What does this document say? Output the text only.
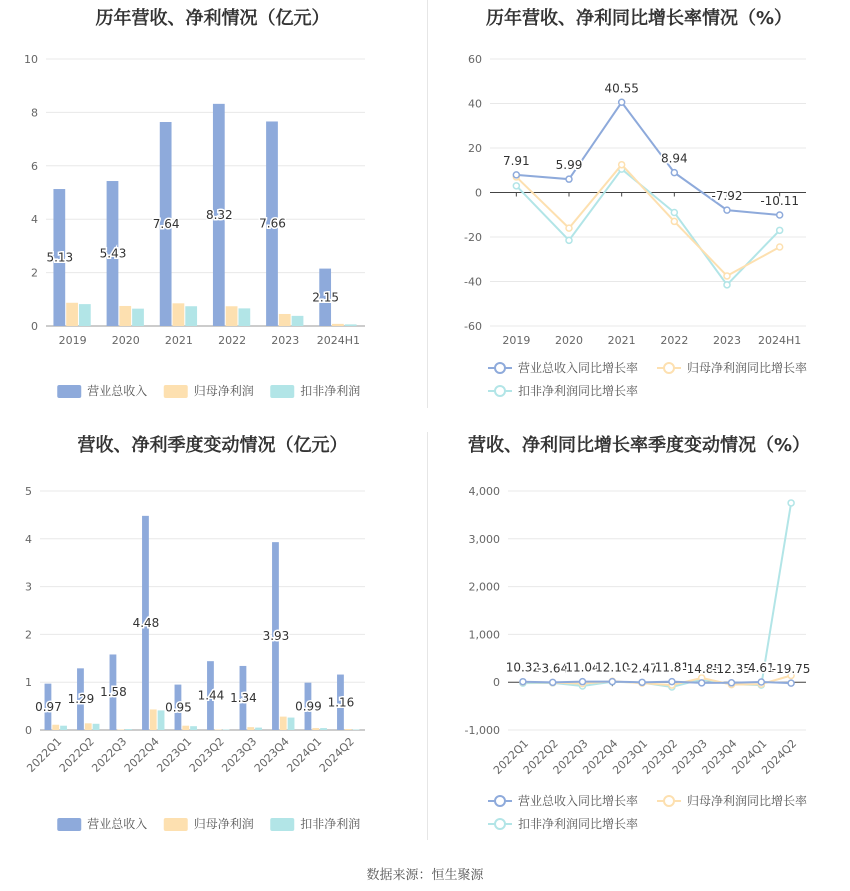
历年营收、净利情况（亿元）
0
2
4
6
8
10
5.13
2019
5.43
2020
7.64
2021
8.32
2022
7.66
2023
2.15
2024H1
营业总收入	归母净利润	扣非净利润
历年营收、净利同比增长率情况（%）
-60
-40
-20
0
20
40
60
2019 2020 2021 2022 2023 2024H1
7.91 5.99
40.55
8.94
-7.92 -10.11
营业总收入同比增长率	归母净利润同比增长率
扣非净利润同比增长率
营收、净利季度变动情况（亿元）
0
1
2
3
4
5
0.97
2022Q1
1.29
2022Q2
1.58
2022Q3
4.48
2022Q4
0.95
2023Q1
1.44
2023Q2
1.34
2023Q3
3.93
2023Q4
0.99
2024Q1
1.16
2024Q2
营业总收入	归母净利润	扣非净利润
营收、净利同比增长率季度变动情况（%）
-1,000
0
1,000
2,000
3,000
4,000
2022Q1
2022Q2
2022Q3
2022Q4
2023Q1
2023Q2
2023Q3
2023Q4
2024Q1
2024Q2
10.32
-3.64
11.04
12.10
-2.47
11.81
-14.85
-12.35
4.61
-19.75
营业总收入同比增长率	归母净利润同比增长率
扣非净利润同比增长率
数据来源：恒生聚源
